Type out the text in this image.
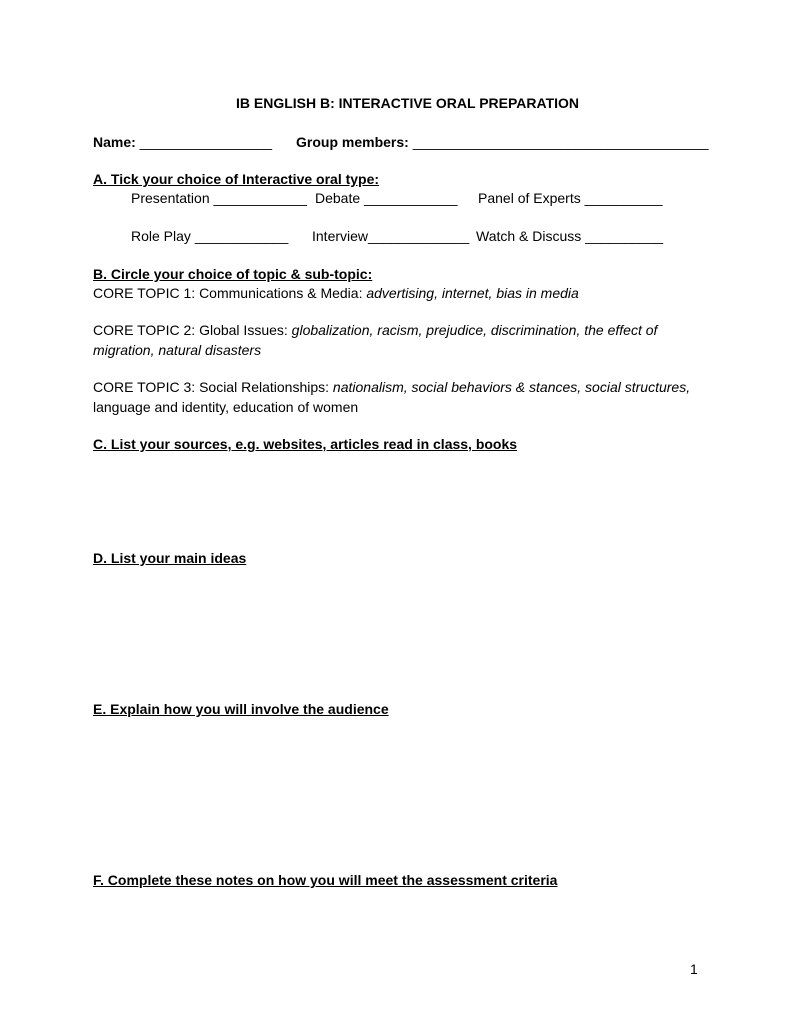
IB ENGLISH B: INTERACTIVE ORAL PREPARATION
Name: _________________ Group members: ______________________________________
A. Tick your choice of Interactive oral type:
Presentation ____________ Debate ____________ Panel of Experts __________
Role Play ____________ Interview_____________ Watch & Discuss __________
B. Circle your choice of topic & sub-topic:
CORE TOPIC 1: Communications & Media: advertising, internet, bias in media
CORE TOPIC 2: Global Issues: globalization, racism, prejudice, discrimination, the effect of
migration, natural disasters
CORE TOPIC 3: Social Relationships: nationalism, social behaviors & stances, social structures,
language and identity, education of women
C. List your sources, e.g. websites, articles read in class, books
D. List your main ideas
E. Explain how you will involve the audience
F. Complete these notes on how you will meet the assessment criteria
1
